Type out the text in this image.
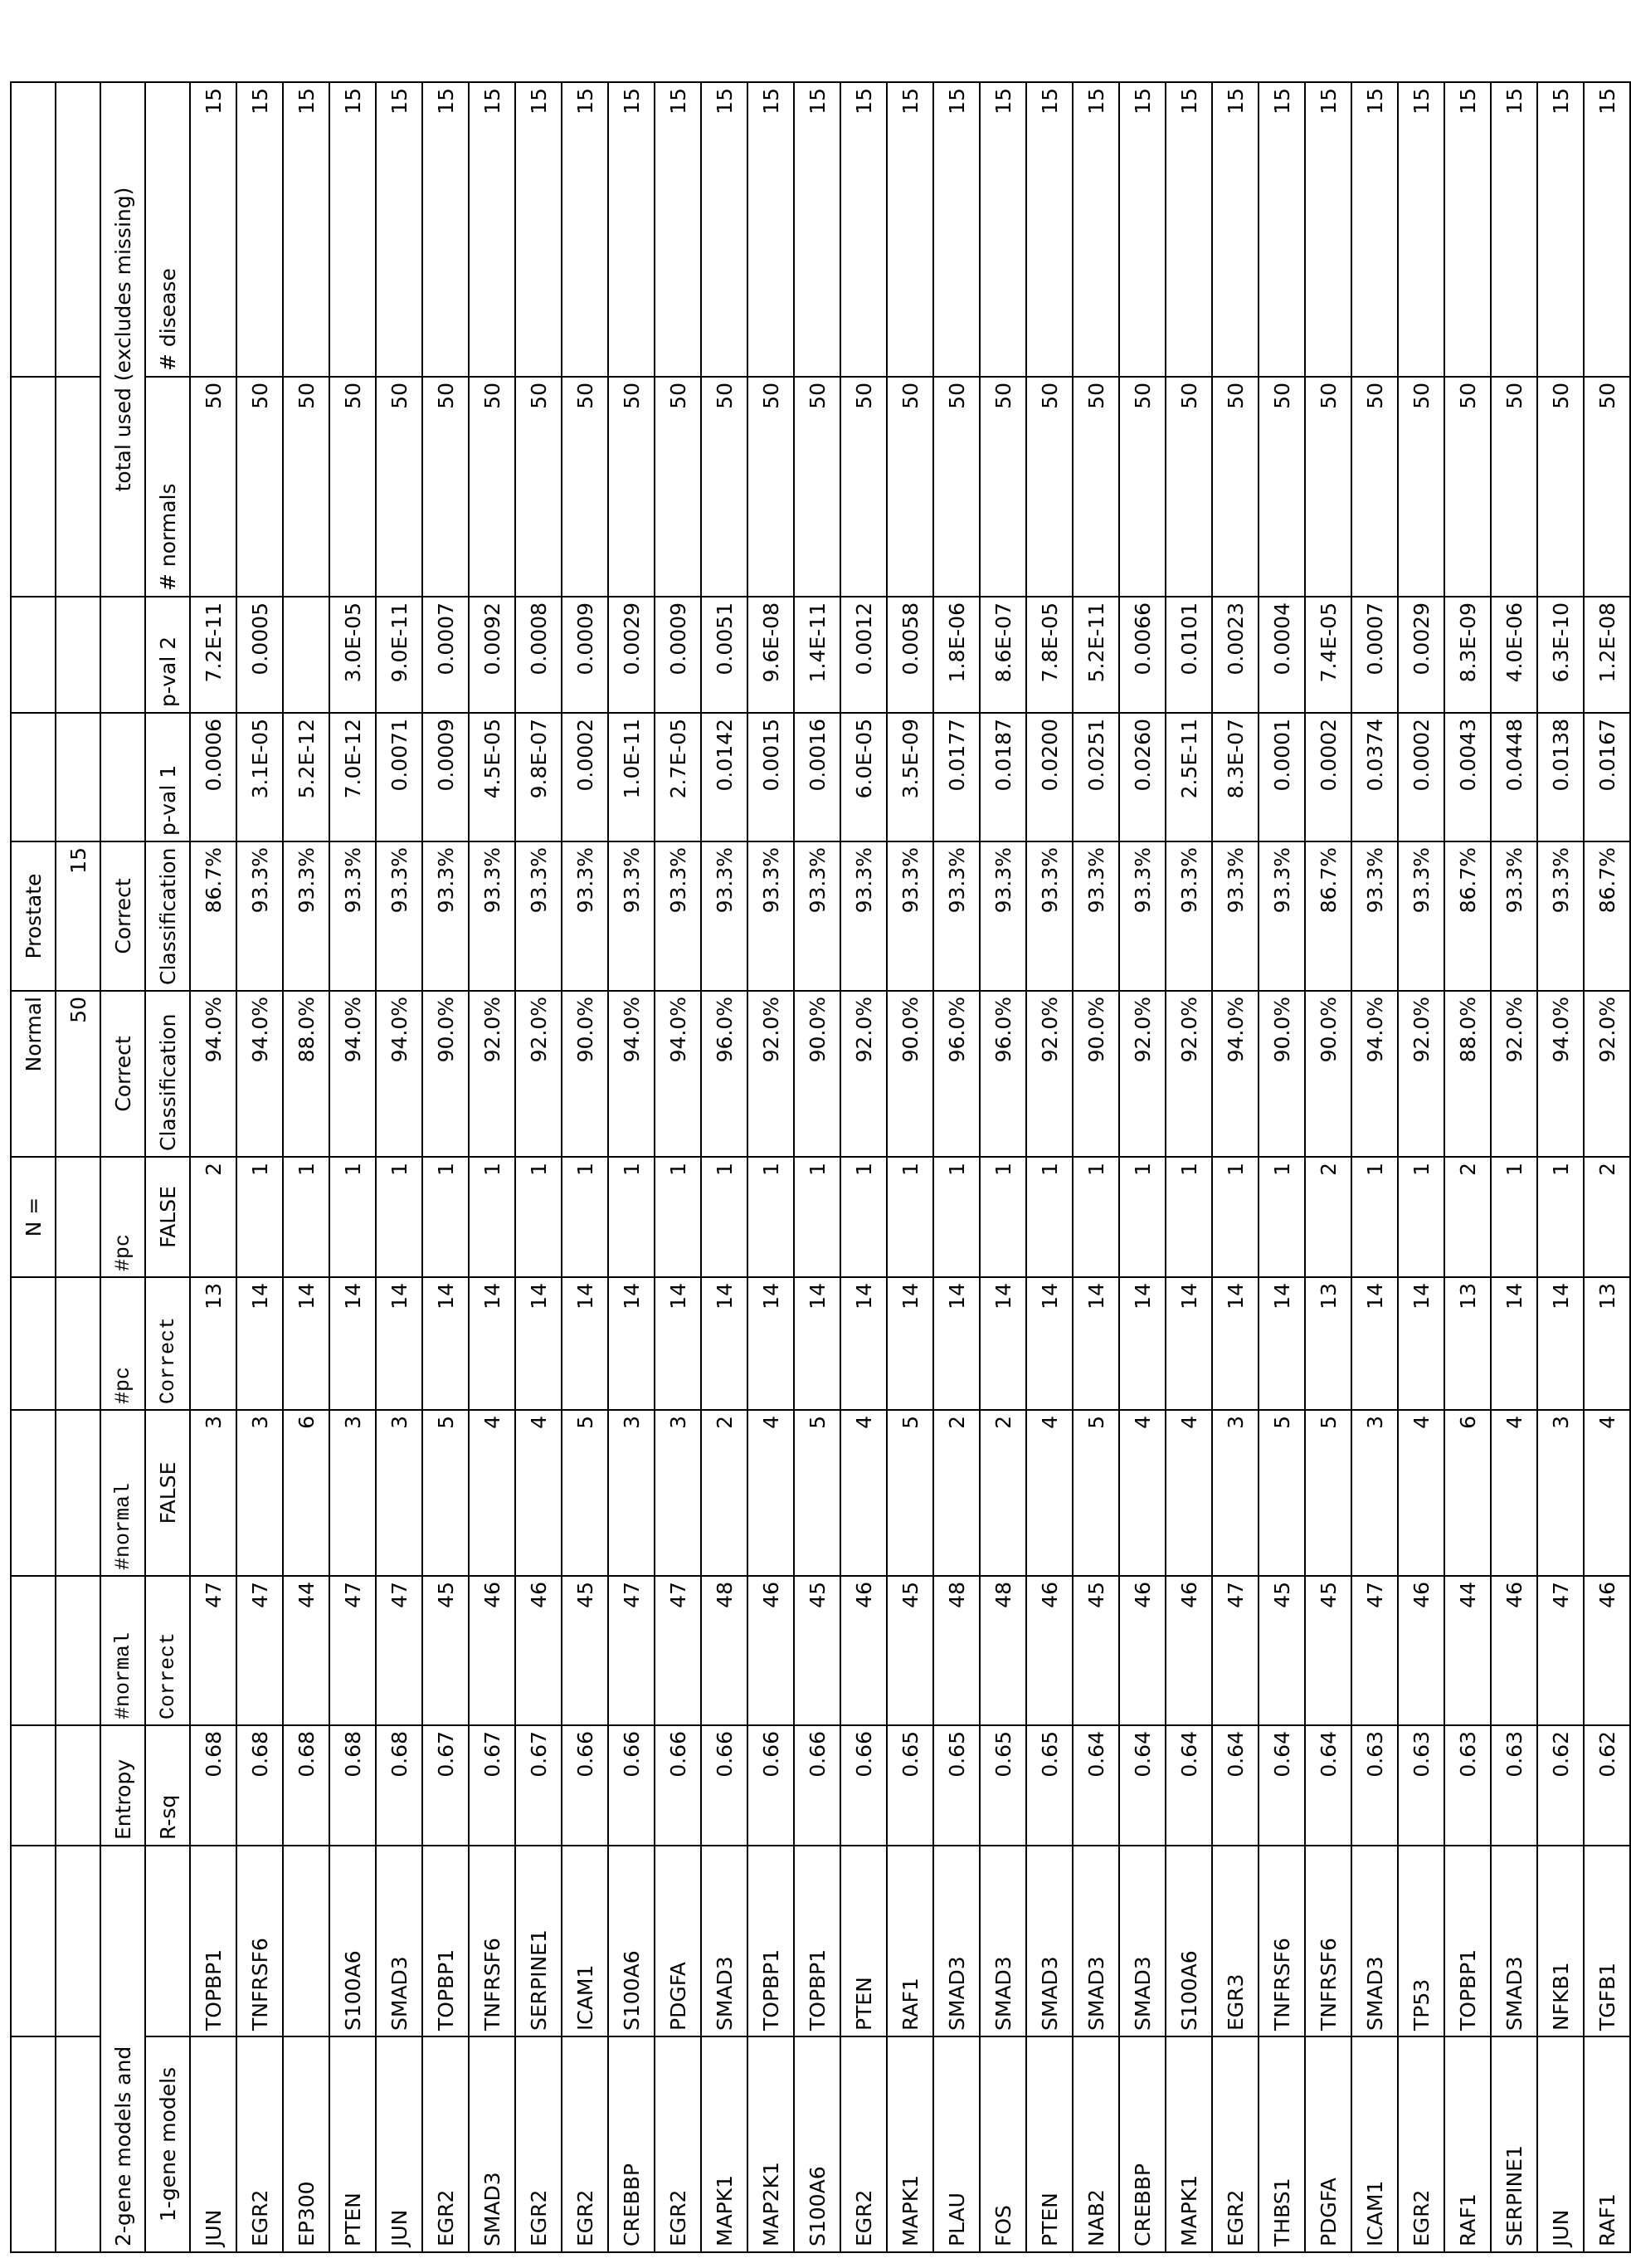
						N =	Normal	Prostate				
							50	15				
2-gene models and		Entropy	#normal	#normal	#pc	#pc	Correct	Correct			total used (excludes missing)	
1-gene models		R-sq	Correct	FALSE	Correct	FALSE	Classification	Classification	p-val 1	p-val 2	# normals	# disease
JUN	TOPBP1	0.68	47	3	13	2	94.0%	86.7%	0.0006	7.2E-11	50	15
EGR2	TNFRSF6	0.68	47	3	14	1	94.0%	93.3%	3.1E-05	0.0005	50	15
EP300		0.68	44	6	14	1	88.0%	93.3%	5.2E-12		50	15
PTEN	S100A6	0.68	47	3	14	1	94.0%	93.3%	7.0E-12	3.0E-05	50	15
JUN	SMAD3	0.68	47	3	14	1	94.0%	93.3%	0.0071	9.0E-11	50	15
EGR2	TOPBP1	0.67	45	5	14	1	90.0%	93.3%	0.0009	0.0007	50	15
SMAD3	TNFRSF6	0.67	46	4	14	1	92.0%	93.3%	4.5E-05	0.0092	50	15
EGR2	SERPINE1	0.67	46	4	14	1	92.0%	93.3%	9.8E-07	0.0008	50	15
EGR2	ICAM1	0.66	45	5	14	1	90.0%	93.3%	0.0002	0.0009	50	15
CREBBP	S100A6	0.66	47	3	14	1	94.0%	93.3%	1.0E-11	0.0029	50	15
EGR2	PDGFA	0.66	47	3	14	1	94.0%	93.3%	2.7E-05	0.0009	50	15
MAPK1	SMAD3	0.66	48	2	14	1	96.0%	93.3%	0.0142	0.0051	50	15
MAP2K1	TOPBP1	0.66	46	4	14	1	92.0%	93.3%	0.0015	9.6E-08	50	15
S100A6	TOPBP1	0.66	45	5	14	1	90.0%	93.3%	0.0016	1.4E-11	50	15
EGR2	PTEN	0.66	46	4	14	1	92.0%	93.3%	6.0E-05	0.0012	50	15
MAPK1	RAF1	0.65	45	5	14	1	90.0%	93.3%	3.5E-09	0.0058	50	15
PLAU	SMAD3	0.65	48	2	14	1	96.0%	93.3%	0.0177	1.8E-06	50	15
FOS	SMAD3	0.65	48	2	14	1	96.0%	93.3%	0.0187	8.6E-07	50	15
PTEN	SMAD3	0.65	46	4	14	1	92.0%	93.3%	0.0200	7.8E-05	50	15
NAB2	SMAD3	0.64	45	5	14	1	90.0%	93.3%	0.0251	5.2E-11	50	15
CREBBP	SMAD3	0.64	46	4	14	1	92.0%	93.3%	0.0260	0.0066	50	15
MAPK1	S100A6	0.64	46	4	14	1	92.0%	93.3%	2.5E-11	0.0101	50	15
EGR2	EGR3	0.64	47	3	14	1	94.0%	93.3%	8.3E-07	0.0023	50	15
THBS1	TNFRSF6	0.64	45	5	14	1	90.0%	93.3%	0.0001	0.0004	50	15
PDGFA	TNFRSF6	0.64	45	5	13	2	90.0%	86.7%	0.0002	7.4E-05	50	15
ICAM1	SMAD3	0.63	47	3	14	1	94.0%	93.3%	0.0374	0.0007	50	15
EGR2	TP53	0.63	46	4	14	1	92.0%	93.3%	0.0002	0.0029	50	15
RAF1	TOPBP1	0.63	44	6	13	2	88.0%	86.7%	0.0043	8.3E-09	50	15
SERPINE1	SMAD3	0.63	46	4	14	1	92.0%	93.3%	0.0448	4.0E-06	50	15
JUN	NFKB1	0.62	47	3	14	1	94.0%	93.3%	0.0138	6.3E-10	50	15
RAF1	TGFB1	0.62	46	4	13	2	92.0%	86.7%	0.0167	1.2E-08	50	15
